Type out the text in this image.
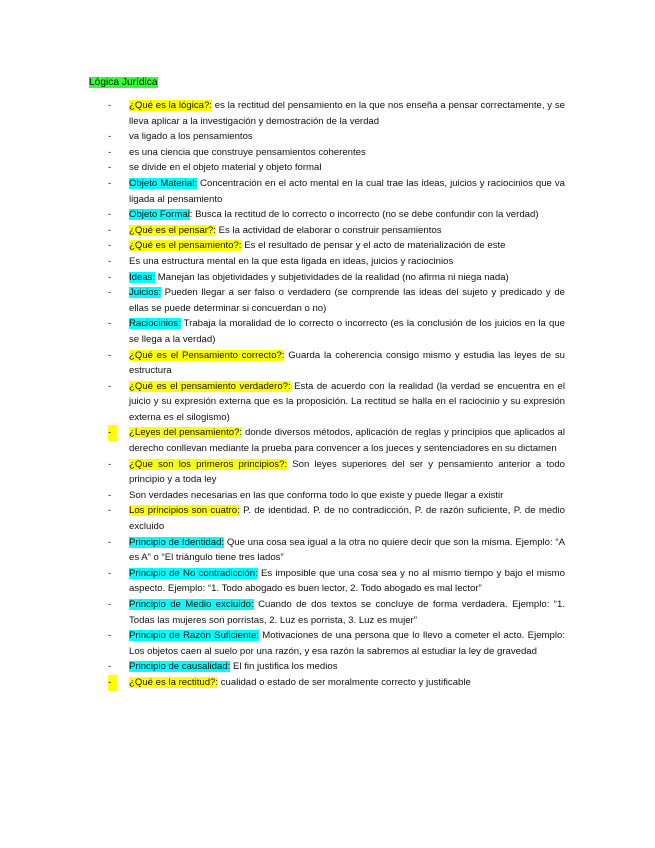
Lógica Jurídica
- ¿Qué es la lógica?: es la rectitud del pensamiento en la que nos enseña a pensar correctamente, y se lleva aplicar a la investigación y demostración de la verdad
- va ligado a los pensamientos
- es una ciencia que construye pensamientos coherentes
- se divide en el objeto material y objeto formal
- Objeto Material: Concentración en el acto mental en la cual trae las ideas, juicios y raciocinios que va ligada al pensamiento
- Objeto Formal: Busca la rectitud de lo correcto o incorrecto (no se debe confundir con la verdad)
- ¿Qué es el pensar?: Es la actividad de elaborar o construir pensamientos
- ¿Qué es el pensamiento?: Es el resultado de pensar y el acto de materialización de este
- Es una estructura mental en la que esta ligada en ideas, juicios y raciocinios
- Ideas: Manejan las objetividades y subjetividades de la realidad (no afirma ni niega nada)
- Juicios: Pueden llegar a ser falso o verdadero (se comprende las ideas del sujeto y predicado y de ellas se puede determinar si concuerdan o no)
- Raciocinios: Trabaja la moralidad de lo correcto o incorrecto (es la conclusión de los juicios en la que se llega a la verdad)
- ¿Qué es el Pensamiento correcto?: Guarda la coherencia consigo mismo y estudia las leyes de su estructura
- ¿Qué es el pensamiento verdadero?: Esta de acuerdo con la realidad (la verdad se encuentra en el juicio y su expresión externa que es la proposición. La rectitud se halla en el raciocinio y su expresión externa es el silogismo)
-	¿Leyes del pensamiento?: donde diversos métodos, aplicación de reglas y principios que aplicados al derecho conllevan mediante la prueba para convencer a los jueces y sentenciadores en su dictamen
- ¿Que son los primeros principios?: Son leyes superiores del ser y pensamiento anterior a todo principio y a toda ley
- Son verdades necesarias en las que conforma todo lo que existe y puede llegar a existir
- Los principios son cuatro: P. de identidad. P. de no contradicción, P. de razón suficiente, P. de medio excluido
- Principio de Identidad: Que una cosa sea igual a la otra no quiere decir que son la misma. Ejemplo: “A es A” o “El triángulo tiene tres lados”
- Principio de No contradicción: Es imposible que una cosa sea y no al mismo tiempo y bajo el mismo aspecto. Ejemplo: “1. Todo abogado es buen lector, 2. Todo abogado es mal lector”
- Principio de Medio excluido: Cuando de dos textos se concluye de forma verdadera. Ejemplo: “1. Todas las mujeres son porristas, 2. Luz es porrista, 3. Luz es mujer”
- Principio de Razón Suficiente: Motivaciones de una persona que lo llevo a cometer el acto. Ejemplo: Los objetos caen al suelo por una razón, y esa razón la sabremos al estudiar la ley de gravedad
- Principio de causalidad: El fin justifica los medios
-	¿Qué es la rectitud?: cualidad o estado de ser moralmente correcto y justificable
